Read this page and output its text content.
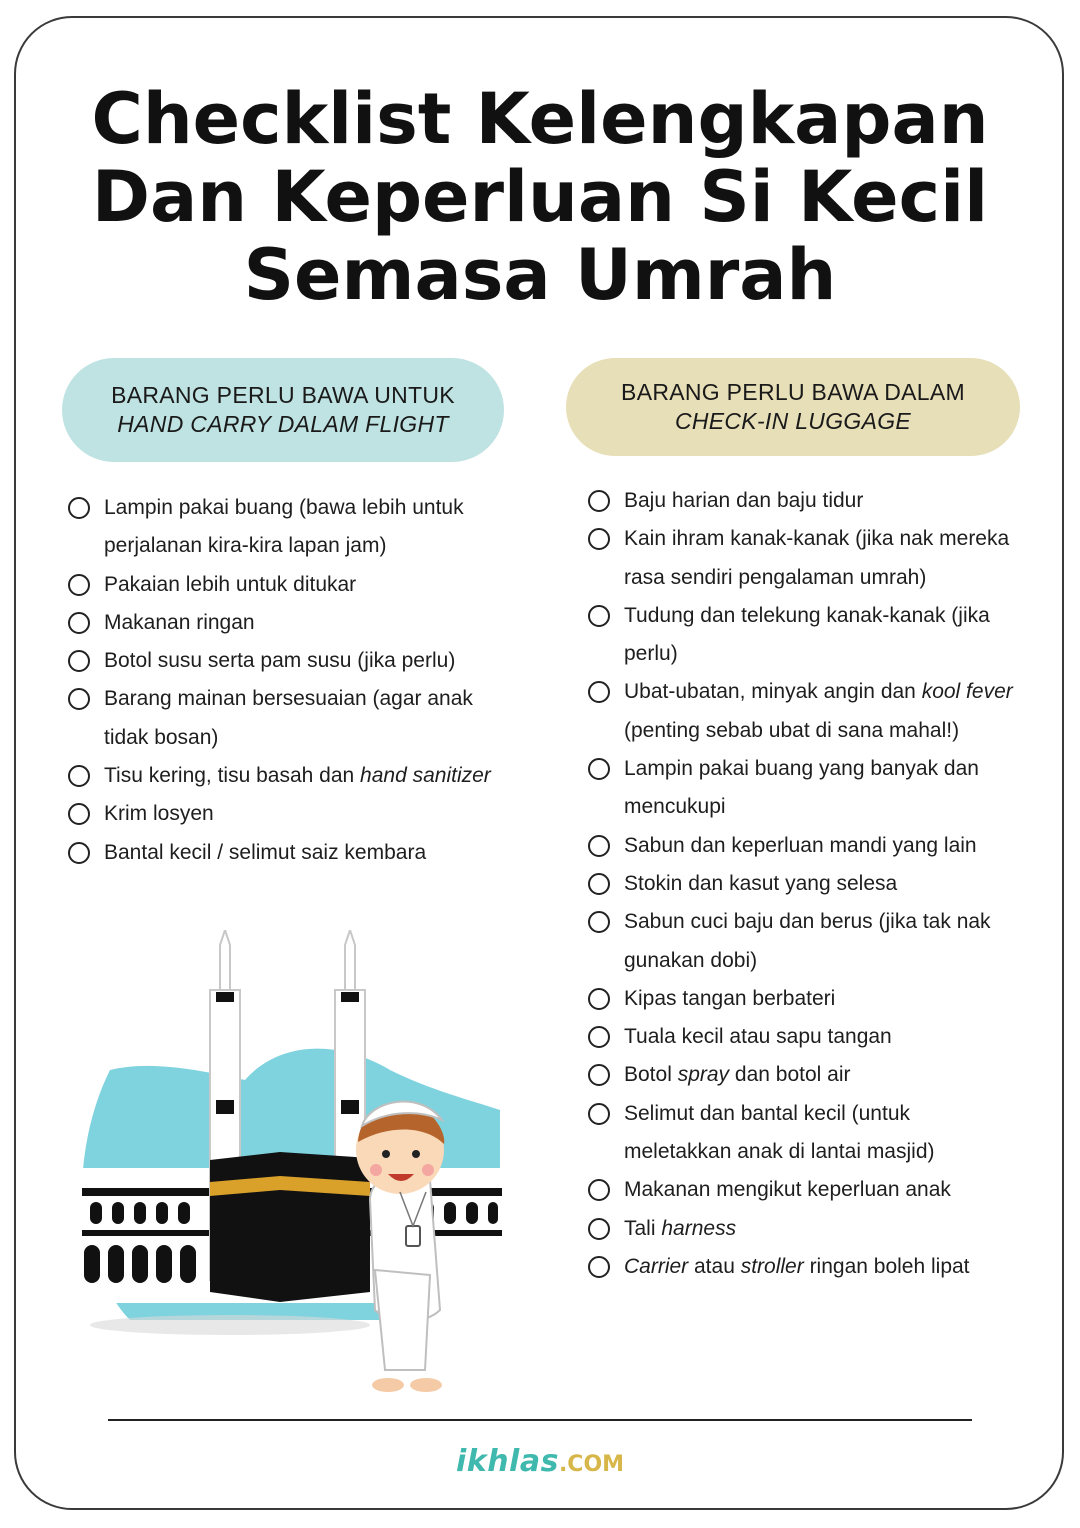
Checklist Kelengkapan
Dan Keperluan Si Kecil
Semasa Umrah
BARANG PERLU BAWA UNTUK
HAND CARRY DALAM FLIGHT
BARANG PERLU BAWA DALAM
CHECK-IN LUGGAGE
Lampin pakai buang (bawa lebih untuk perjalanan kira-kira lapan jam)
Pakaian lebih untuk ditukar
Makanan ringan
Botol susu serta pam susu (jika perlu)
Barang mainan bersesuaian (agar anak tidak bosan)
Tisu kering, tisu basah dan hand sanitizer
Krim losyen
Bantal kecil / selimut saiz kembara
Baju harian dan baju tidur
Kain ihram kanak-kanak (jika nak mereka rasa sendiri pengalaman umrah)
Tudung dan telekung kanak-kanak (jika perlu)
Ubat-ubatan, minyak angin dan kool fever (penting sebab ubat di sana mahal!)
Lampin pakai buang yang banyak dan mencukupi
Sabun dan keperluan mandi yang lain
Stokin dan kasut yang selesa
Sabun cuci baju dan berus (jika tak nak gunakan dobi)
Kipas tangan berbateri
Tuala kecil atau sapu tangan
Botol spray dan botol air
Selimut dan bantal kecil (untuk meletakkan anak di lantai masjid)
Makanan mengikut keperluan anak
Tali harness
Carrier atau stroller ringan boleh lipat
ikhlas.COM
